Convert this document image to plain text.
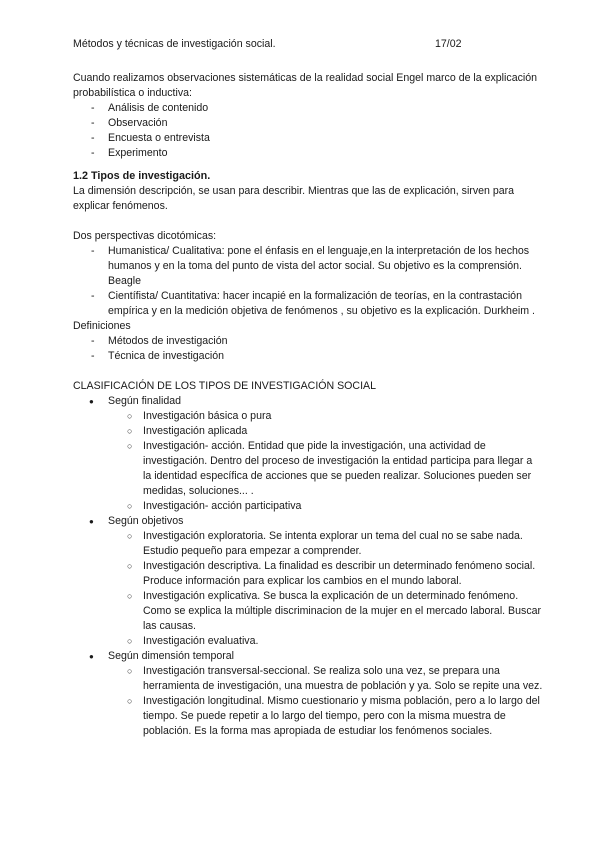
Métodos y técnicas de investigación social.	17/02

Cuando realizamos observaciones sistemáticas de la realidad social Engel marco de la explicación probabilística o inductiva:

- Análisis de contenido
- Observación
- Encuesta o entrevista
- Experimento
1.2 Tipos de investigación.

La dimensión descripción, se usan para describir. Mientras que las de explicación, sirven para explicar fenómenos.

Dos perspectivas dicotómicas:

- Humanistica/ Cualitativa: pone el énfasis en el lenguaje,en la interpretación de los hechos humanos y en la toma del punto de vista del actor social. Su objetivo es la comprensión. Beagle
- Científista/ Cuantitativa: hacer incapié en la formalización de teorías, en la contrastación empírica y en la medición objetiva de fenómenos , su objetivo es la explicación. Durkheim .

Definiciones

- Métodos de investigación
- Técnica de investigación

CLASIFICACIÓN DE LOS TIPOS DE INVESTIGACIÓN SOCIAL

● Según finalidad
○ Investigación básica o pura
○ Investigación aplicada
○ Investigación- acción. Entidad que pide la investigación, una actividad de investigación. Dentro del proceso de investigación la entidad participa para llegar a la identidad específica de acciones que se pueden realizar. Soluciones pueden ser medidas, soluciones... .
○ Investigación- acción participativa
● Según objetivos
○ Investigación exploratoria. Se intenta explorar un tema del cual no se sabe nada. Estudio pequeño para empezar a comprender.
○ Investigación descriptiva. La finalidad es describir un determinado fenómeno social. Produce información para explicar los cambios en el mundo laboral.
○ Investigación explicativa. Se busca la explicación de un determinado fenómeno. Como se explica la múltiple discriminacion de la mujer en el mercado laboral. Buscar las causas.
○ Investigación evaluativa.
● Según dimensión temporal
○ Investigación transversal-seccional. Se realiza solo una vez, se prepara una herramienta de investigación, una muestra de población y ya. Solo se repite una vez.
○ Investigación longitudinal. Mismo cuestionario y misma población, pero a lo largo del tiempo. Se puede repetir a lo largo del tiempo, pero con la misma muestra de población. Es la forma mas apropiada de estudiar los fenómenos sociales.
